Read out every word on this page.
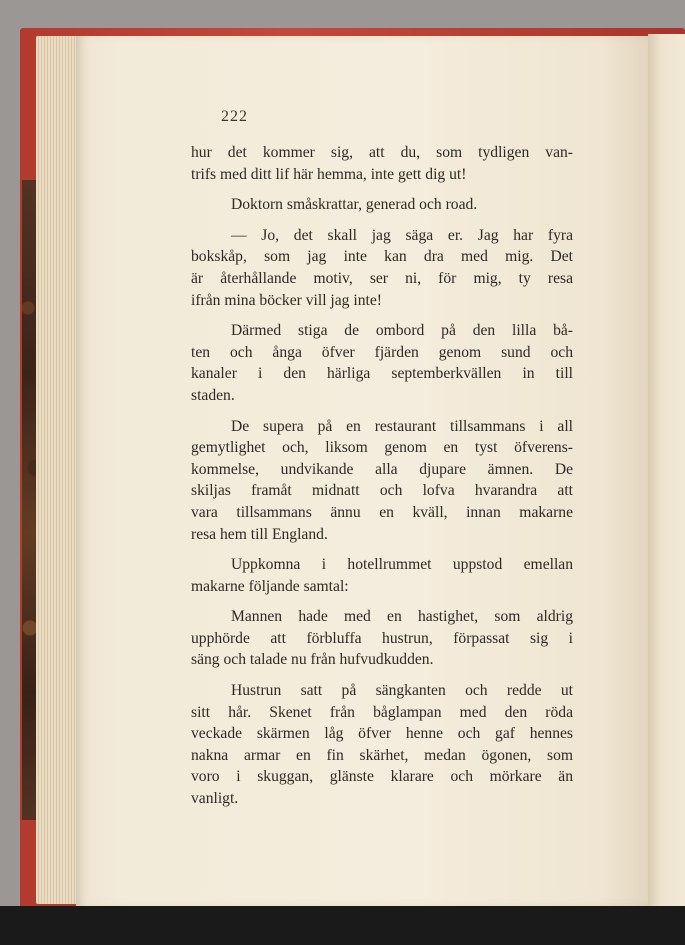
222

hur det kommer sig, att du, som tydligen van-
trifs med ditt lif här hemma, inte gett dig ut!

Doktorn småskrattar, generad och road.

— Jo, det skall jag säga er. Jag har fyra
bokskåp, som jag inte kan dra med mig. Det
är återhållande motiv, ser ni, för mig, ty resa
ifrån mina böcker vill jag inte!

Därmed stiga de ombord på den lilla bå-
ten och ånga öfver fjärden genom sund och
kanaler i den härliga septemberkvällen in till
staden.

De supera på en restaurant tillsammans i all
gemytlighet och, liksom genom en tyst öfverens-
kommelse, undvikande alla djupare ämnen. De
skiljas framåt midnatt och lofva hvarandra att
vara tillsammans ännu en kväll, innan makarne
resa hem till England.

Uppkomna i hotellrummet uppstod emellan
makarne följande samtal:

Mannen hade med en hastighet, som aldrig
upphörde att förbluffa hustrun, förpassat sig i
säng och talade nu från hufvudkudden.

Hustrun satt på sängkanten och redde ut
sitt hår. Skenet från båglampan med den röda
veckade skärmen låg öfver henne och gaf hennes
nakna armar en fin skärhet, medan ögonen, som
voro i skuggan, glänste klarare och mörkare än
vanligt.
